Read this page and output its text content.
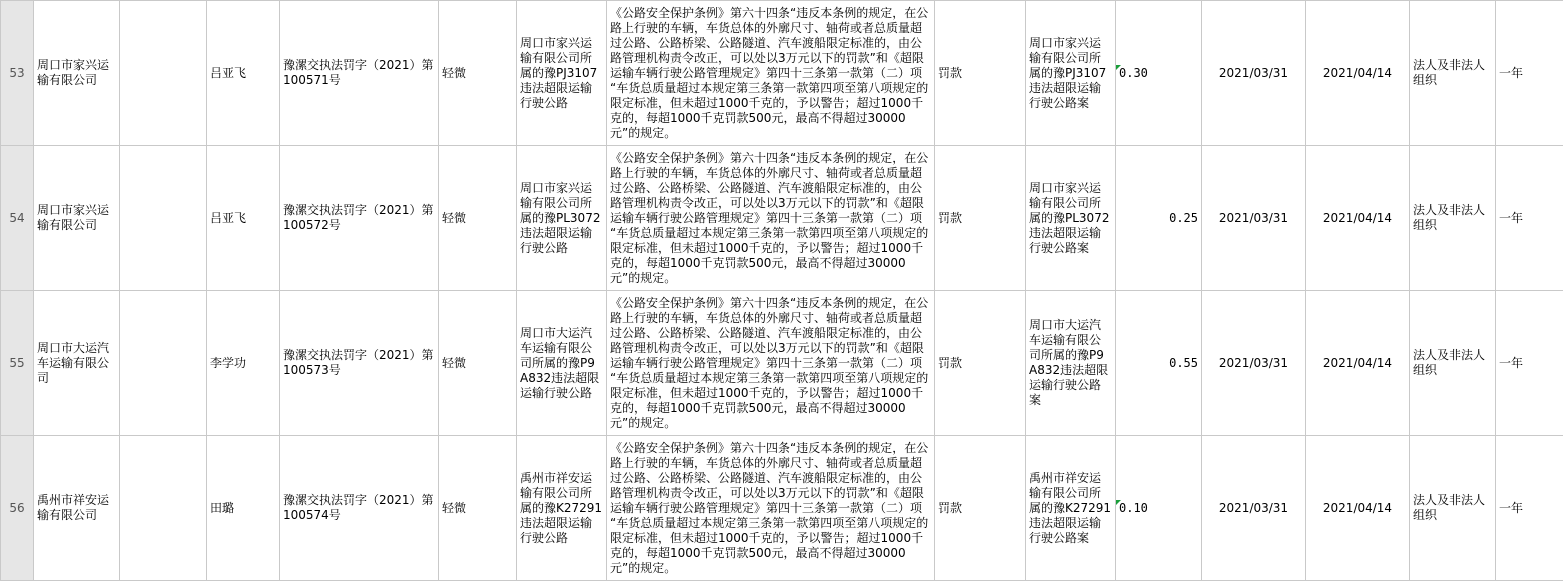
53	周口市家兴运输有限公司		吕亚飞	豫漯交执法罚字（2021）第100571号	轻微	周口市家兴运输有限公司所属的豫PJ3107违法超限运输行驶公路	《公路安全保护条例》第六十四条“违反本条例的规定，在公路上行驶的车辆，车货总体的外廓尺寸、轴荷或者总质量超过公路、公路桥梁、公路隧道、汽车渡船限定标准的，由公路管理机构责令改正，可以处以3万元以下的罚款”和《超限运输车辆行驶公路管理规定》第四十三条第一款第（二）项 “车货总质量超过本规定第三条第一款第四项至第八项规定的限定标准，但未超过1000千克的，予以警告；超过1000千克的，每超1000千克罚款500元，最高不得超过30000元”的规定。	罚款	周口市家兴运输有限公司所属的豫PJ3107违法超限运输行驶公路案	0.30	2021/03/31	2021/04/14	法人及非法人组织	一年
54	周口市家兴运输有限公司		吕亚飞	豫漯交执法罚字（2021）第100572号	轻微	周口市家兴运输有限公司所属的豫PL3072违法超限运输行驶公路	《公路安全保护条例》第六十四条“违反本条例的规定，在公路上行驶的车辆，车货总体的外廓尺寸、轴荷或者总质量超过公路、公路桥梁、公路隧道、汽车渡船限定标准的，由公路管理机构责令改正，可以处以3万元以下的罚款”和《超限运输车辆行驶公路管理规定》第四十三条第一款第（二）项 “车货总质量超过本规定第三条第一款第四项至第八项规定的限定标准，但未超过1000千克的，予以警告；超过1000千克的，每超1000千克罚款500元，最高不得超过30000元”的规定。	罚款	周口市家兴运输有限公司所属的豫PL3072违法超限运输行驶公路案	0.25	2021/03/31	2021/04/14	法人及非法人组织	一年
55	周口市大运汽车运输有限公司		李学功	豫漯交执法罚字（2021）第100573号	轻微	周口市大运汽车运输有限公司所属的豫P9A832违法超限运输行驶公路	《公路安全保护条例》第六十四条“违反本条例的规定，在公路上行驶的车辆，车货总体的外廓尺寸、轴荷或者总质量超过公路、公路桥梁、公路隧道、汽车渡船限定标准的，由公路管理机构责令改正，可以处以3万元以下的罚款”和《超限运输车辆行驶公路管理规定》第四十三条第一款第（二）项 “车货总质量超过本规定第三条第一款第四项至第八项规定的限定标准，但未超过1000千克的，予以警告；超过1000千克的，每超1000千克罚款500元，最高不得超过30000元”的规定。	罚款	周口市大运汽车运输有限公司所属的豫P9A832违法超限运输行驶公路案	0.55	2021/03/31	2021/04/14	法人及非法人组织	一年
56	禹州市祥安运输有限公司		田璐	豫漯交执法罚字（2021）第100574号	轻微	禹州市祥安运输有限公司所属的豫K27291违法超限运输行驶公路	《公路安全保护条例》第六十四条“违反本条例的规定，在公路上行驶的车辆，车货总体的外廓尺寸、轴荷或者总质量超过公路、公路桥梁、公路隧道、汽车渡船限定标准的，由公路管理机构责令改正，可以处以3万元以下的罚款”和《超限运输车辆行驶公路管理规定》第四十三条第一款第（二）项 “车货总质量超过本规定第三条第一款第四项至第八项规定的限定标准，但未超过1000千克的，予以警告；超过1000千克的，每超1000千克罚款500元，最高不得超过30000元”的规定。	罚款	禹州市祥安运输有限公司所属的豫K27291违法超限运输行驶公路案	0.10	2021/03/31	2021/04/14	法人及非法人组织	一年
